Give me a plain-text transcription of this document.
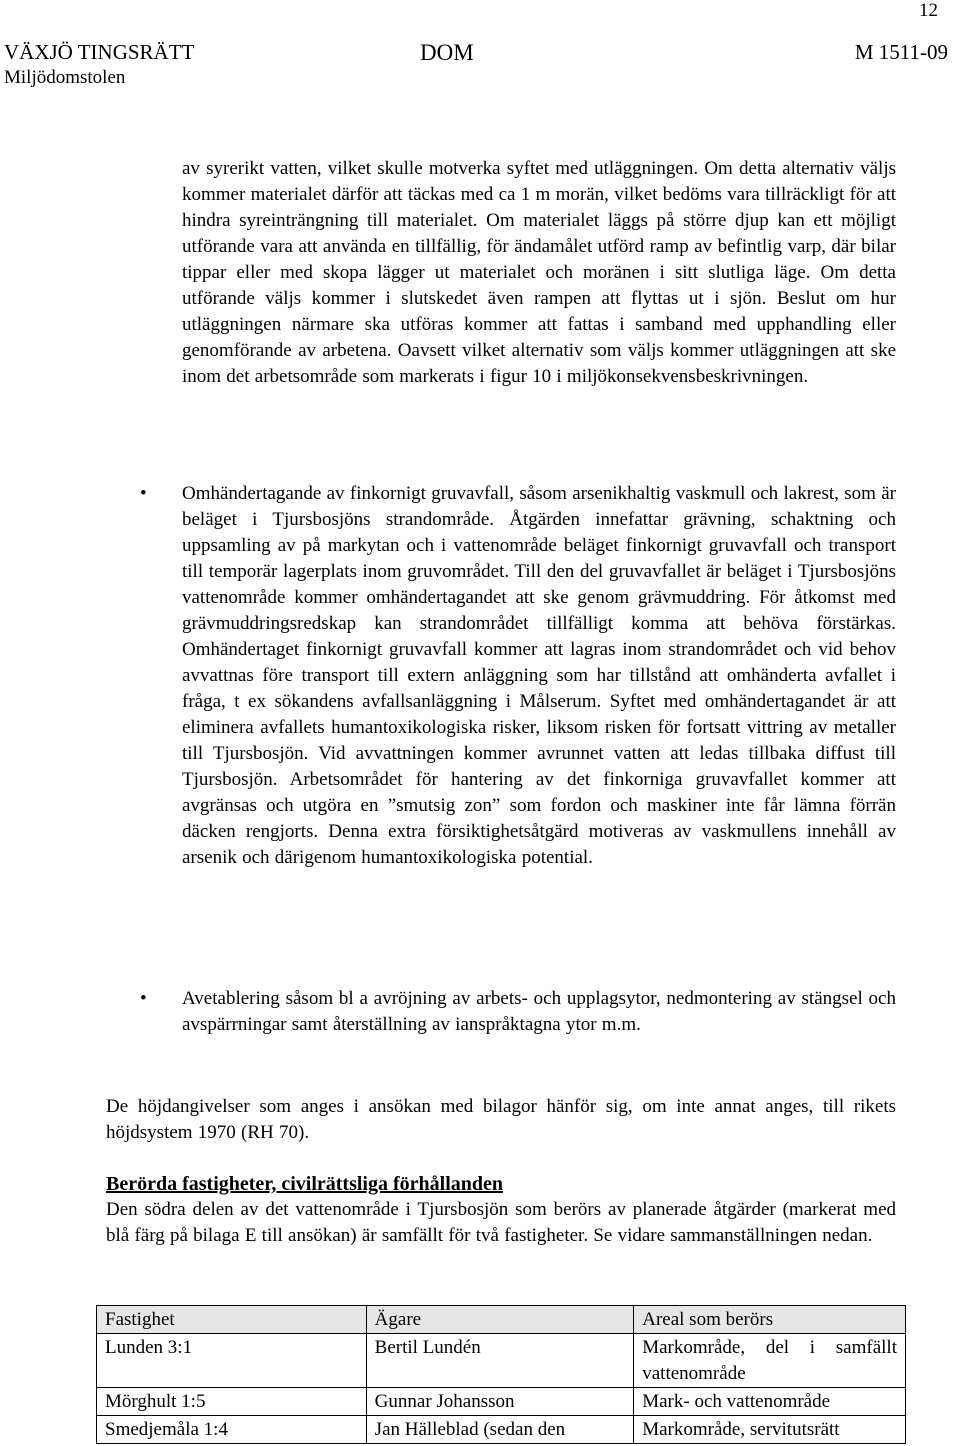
12
VÄXJÖ TINGSRÄTT
Miljödomstolen
DOM	M 1511-09

av syrerikt vatten, vilket skulle motverka syftet med utläggningen. Om detta alternativ väljs kommer materialet därför att täckas med ca 1 m morän, vilket bedöms vara tillräckligt för att hindra syreinträngning till materialet. Om materialet läggs på större djup kan ett möjligt utförande vara att använda en tillfällig, för ändamålet utförd ramp av befintlig varp, där bilar tippar eller med skopa lägger ut materialet och moränen i sitt slutliga läge. Om detta utförande väljs kommer i slutskedet även rampen att flyttas ut i sjön. Beslut om hur utläggningen närmare ska utföras kommer att fattas i samband med upphandling eller genomförande av arbetena. Oavsett vilket alternativ som väljs kommer utläggningen att ske inom det arbetsområde som markerats i figur 10 i miljökonsekvensbeskrivningen.

• Omhändertagande av finkornigt gruvavfall, såsom arsenikhaltig vaskmull och lakrest, som är beläget i Tjursbosjöns strandområde. Åtgärden innefattar grävning, schaktning och uppsamling av på markytan och i vattenområde beläget finkornigt gruvavfall och transport till temporär lagerplats inom gruvområdet. Till den del gruvavfallet är beläget i Tjursbosjöns vattenområde kommer omhändertagandet att ske genom grävmuddring. För åtkomst med grävmuddringsredskap kan strandområdet tillfälligt komma att behöva förstärkas. Omhändertaget finkornigt gruvavfall kommer att lagras inom strandområdet och vid behov avvattnas före transport till extern anläggning som har tillstånd att omhänderta avfallet i fråga, t ex sökandens avfallsanläggning i Målserum. Syftet med omhändertagandet är att eliminera avfallets humantoxikologiska risker, liksom risken för fortsatt vittring av metaller till Tjursbosjön. Vid avvattningen kommer avrunnet vatten att ledas tillbaka diffust till Tjursbosjön. Arbetsområdet för hantering av det finkorniga gruvavfallet kommer att avgränsas och utgöra en ”smutsig zon” som fordon och maskiner inte får lämna förrän däcken rengjorts. Denna extra försiktighetsåtgärd motiveras av vaskmullens innehåll av arsenik och därigenom humantoxikologiska potential.

• Avetablering såsom bl a avröjning av arbets- och upplagsytor, nedmontering av stängsel och avspärrningar samt återställning av ianspråktagna ytor m.m.

De höjdangivelser som anges i ansökan med bilagor hänför sig, om inte annat anges, till rikets höjdsystem 1970 (RH 70).

Berörda fastigheter, civilrättsliga förhållanden

Den södra delen av det vattenområde i Tjursbosjön som berörs av planerade åtgärder (markerat med blå färg på bilaga E till ansökan) är samfällt för två fastigheter. Se vidare sammanställningen nedan.

Fastighet	Ägare	Areal som berörs
Lunden 3:1	Bertil Lundén	Markområde, del i samfällt vattenområde
Mörghult 1:5	Gunnar Johansson	Mark- och vattenområde
Smedjemåla 1:4	Jan Hälleblad (sedan den	Markområde, servitutsrätt
